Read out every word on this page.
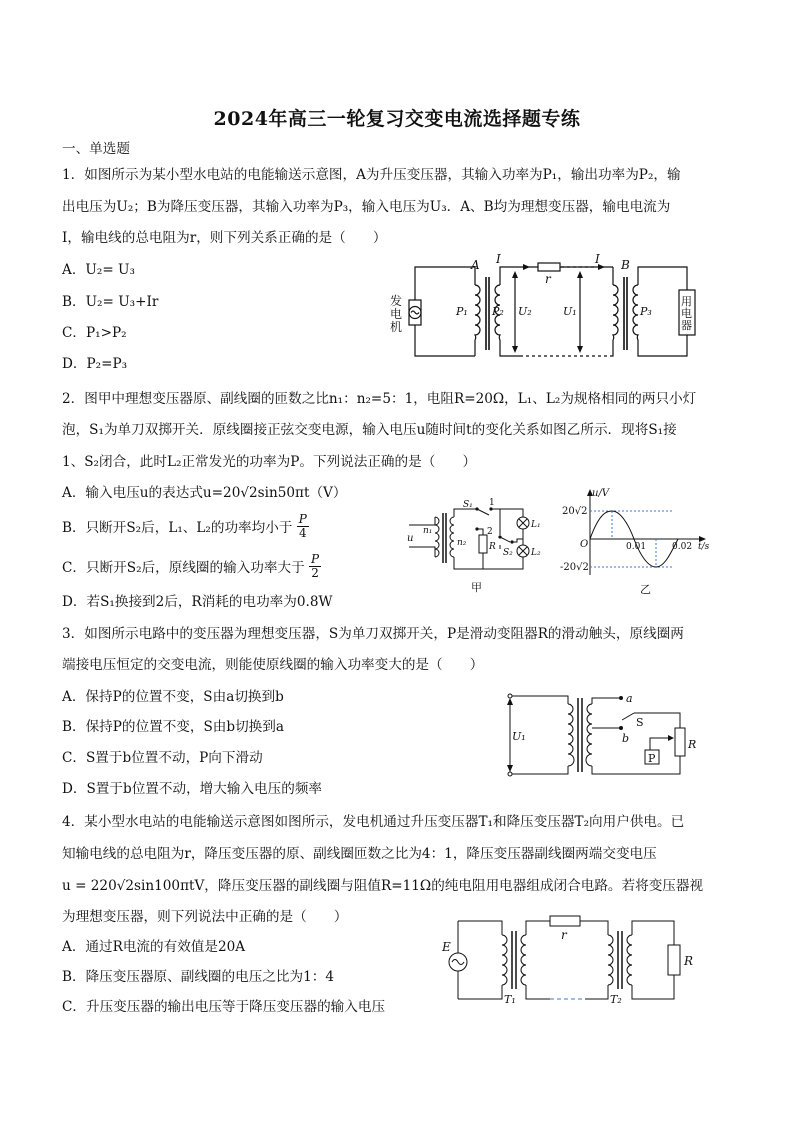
2024年高三一轮复习交变电流选择题专练
一、单选题
1．如图所示为某小型水电站的电能输送示意图，A为升压变压器，其输入功率为P₁，输出功率为P₂，输
出电压为U₂；B为降压变压器，其输入功率为P₃，输入电压为U₃．A、B均为理想变压器，输电电流为
I，输电线的总电阻为r，则下列关系正确的是（　　）
A．U₂= U₃
B．U₂= U₃+Ir
C．P₁>P₂
D．P₂=P₃
A I	I B
r
P₁ P₂ U₂	U₁	P₃
发
电
机
用
电
器
2．图甲中理想变压器原、副线圈的匝数之比n₁：n₂=5：1，电阻R=20Ω，L₁、L₂为规格相同的两只小灯
泡，S₁为单刀双掷开关．原线圈接正弦交变电源，输入电压u随时间t的变化关系如图乙所示．现将S₁接
1、S₂闭合，此时L₂正常发光的功率为P。下列说法正确的是（　　）
A．输入电压u的表达式u=20√2sin50πt（V）
B．只断开S₂后，L₁、L₂的功率均小于 $\frac{P}{4}$
C．只断开S₂后，原线圈的输入功率大于 $\frac{P}{2}$
D．若S₁换接到2后，R消耗的电功率为0.8W
u
n₁
n₂
S₁ 1
2
R
S₂
L₁
L₂
甲
u/V
20√2
-20√2
O	0.01	0.02 t/s
乙
3．如图所示电路中的变压器为理想变压器，S为单刀双掷开关，P是滑动变阻器R的滑动触头，原线圈两
端接电压恒定的交变电流，则能使原线圈的输入功率变大的是（　　）
A．保持P的位置不变，S由a切换到b
B．保持P的位置不变，S由b切换到a
C．S置于b位置不动，P向下滑动
D．S置于b位置不动，增大输入电压的频率
a
b
S
U₁
P
R
4．某小型水电站的电能输送示意图如图所示，发电机通过升压变压器T₁和降压变压器T₂向用户供电。已
知输电线的总电阻为r，降压变压器的原、副线圈匝数之比为4：1，降压变压器副线圈两端交变电压
u = 220√2sin100πtV，降压变压器的副线圈与阻值R=11Ω的纯电阻用电器组成闭合电路。若将变压器视
为理想变压器，则下列说法中正确的是（　　）
A．通过R电流的有效值是20A
B．降压变压器原、副线圈的电压之比为1：4
C．升压变压器的输出电压等于降压变压器的输入电压
E
r
T₁	T₂
R
